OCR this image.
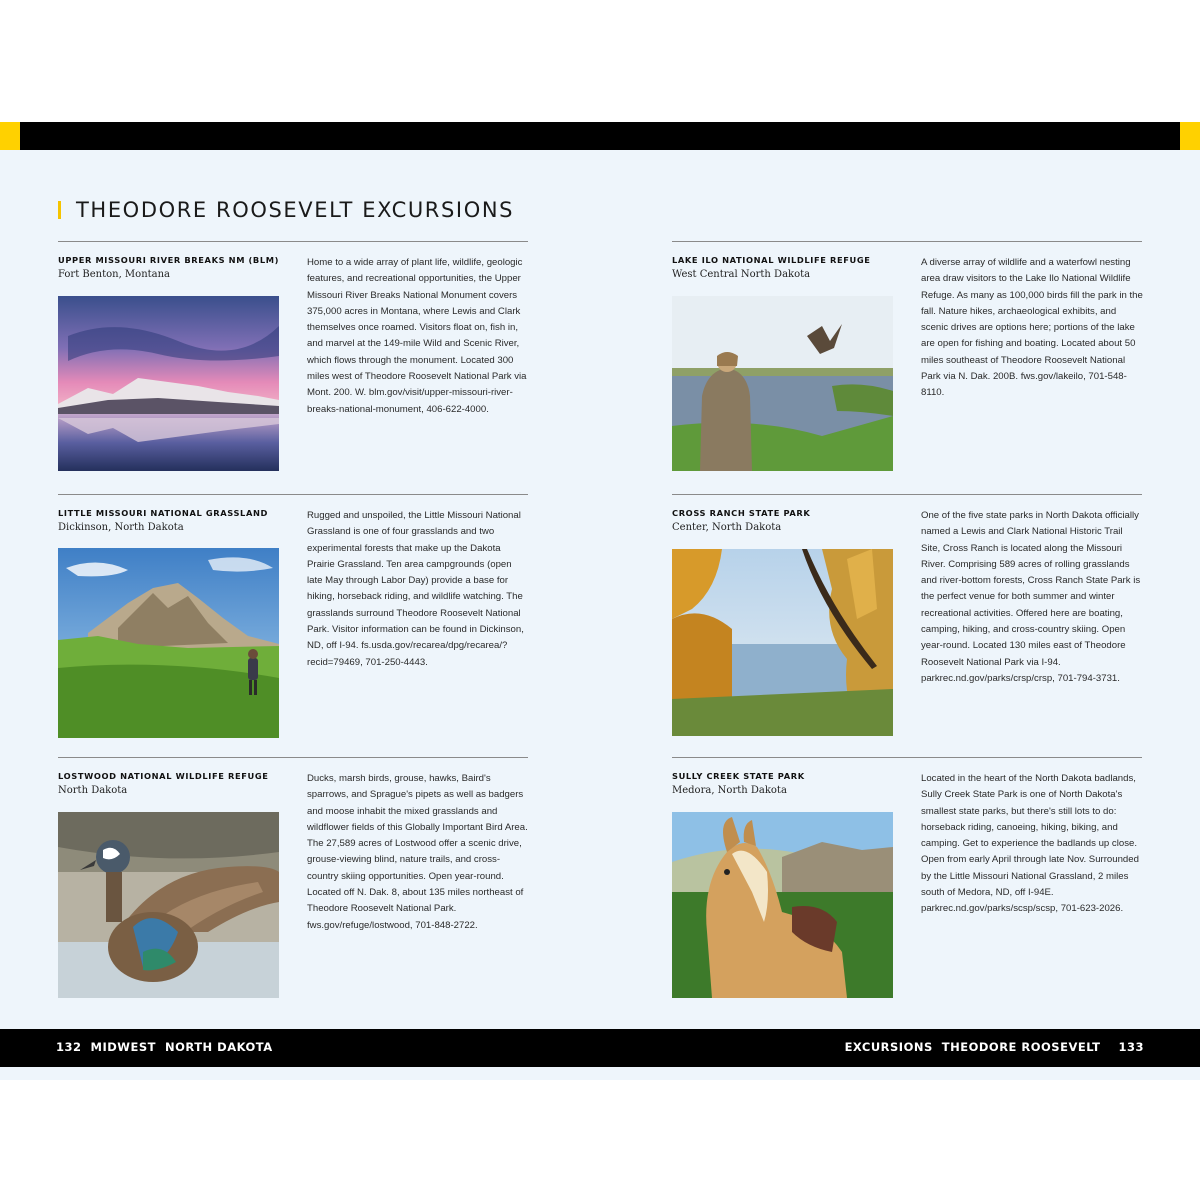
THEODORE ROOSEVELT EXCURSIONS
UPPER MISSOURI RIVER BREAKS NM (BLM)
Fort Benton, Montana
Home to a wide array of plant life, wildlife, geologic features, and recreational opportunities, the Upper Missouri River Breaks National Monument covers 375,000 acres in Montana, where Lewis and Clark themselves once roamed. Visitors float on, fish in, and marvel at the 149-mile Wild and Scenic River, which flows through the monument. Located 300 miles west of Theodore Roosevelt National Park via Mont. 200. W. blm.gov/visit/upper-missouri-river-breaks-national-monument, 406-622-4000.
LITTLE MISSOURI NATIONAL GRASSLAND
Dickinson, North Dakota
Rugged and unspoiled, the Little Missouri National Grassland is one of four grasslands and two experimental forests that make up the Dakota Prairie Grassland. Ten area campgrounds (open late May through Labor Day) provide a base for hiking, horseback riding, and wildlife watching. The grasslands surround Theodore Roosevelt National Park. Visitor information can be found in Dickinson, ND, off I-94. fs.usda.gov/recarea/dpg/recarea/?recid=79469, 701-250-4443.
LOSTWOOD NATIONAL WILDLIFE REFUGE
North Dakota
Ducks, marsh birds, grouse, hawks, Baird's sparrows, and Sprague's pipets as well as badgers and moose inhabit the mixed grasslands and wildflower fields of this Globally Important Bird Area. The 27,589 acres of Lostwood offer a scenic drive, grouse-viewing blind, nature trails, and cross-country skiing opportunities. Open year-round. Located off N. Dak. 8, about 135 miles northeast of Theodore Roosevelt National Park. fws.gov/refuge/lostwood, 701-848-2722.
LAKE ILO NATIONAL WILDLIFE REFUGE
West Central North Dakota
A diverse array of wildlife and a waterfowl nesting area draw visitors to the Lake Ilo National Wildlife Refuge. As many as 100,000 birds fill the park in the fall. Nature hikes, archaeological exhibits, and scenic drives are options here; portions of the lake are open for fishing and boating. Located about 50 miles southeast of Theodore Roosevelt National Park via N. Dak. 200B. fws.gov/lakeilo, 701-548-8110.
CROSS RANCH STATE PARK
Center, North Dakota
One of the five state parks in North Dakota officially named a Lewis and Clark National Historic Trail Site, Cross Ranch is located along the Missouri River. Comprising 589 acres of rolling grasslands and river-bottom forests, Cross Ranch State Park is the perfect venue for both summer and winter recreational activities. Offered here are boating, camping, hiking, and cross-country skiing. Open year-round. Located 130 miles east of Theodore Roosevelt National Park via I-94. parkrec.nd.gov/parks/crsp/crsp, 701-794-3731.
SULLY CREEK STATE PARK
Medora, North Dakota
Located in the heart of the North Dakota badlands, Sully Creek State Park is one of North Dakota's smallest state parks, but there's still lots to do: horseback riding, canoeing, hiking, biking, and camping. Get to experience the badlands up close. Open from early April through late Nov. Surrounded by the Little Missouri National Grassland, 2 miles south of Medora, ND, off I-94E. parkrec.nd.gov/parks/scsp/scsp, 701-623-2026.
132 MIDWEST NORTH DAKOTA	EXCURSIONS THEODORE ROOSEVELT 133
